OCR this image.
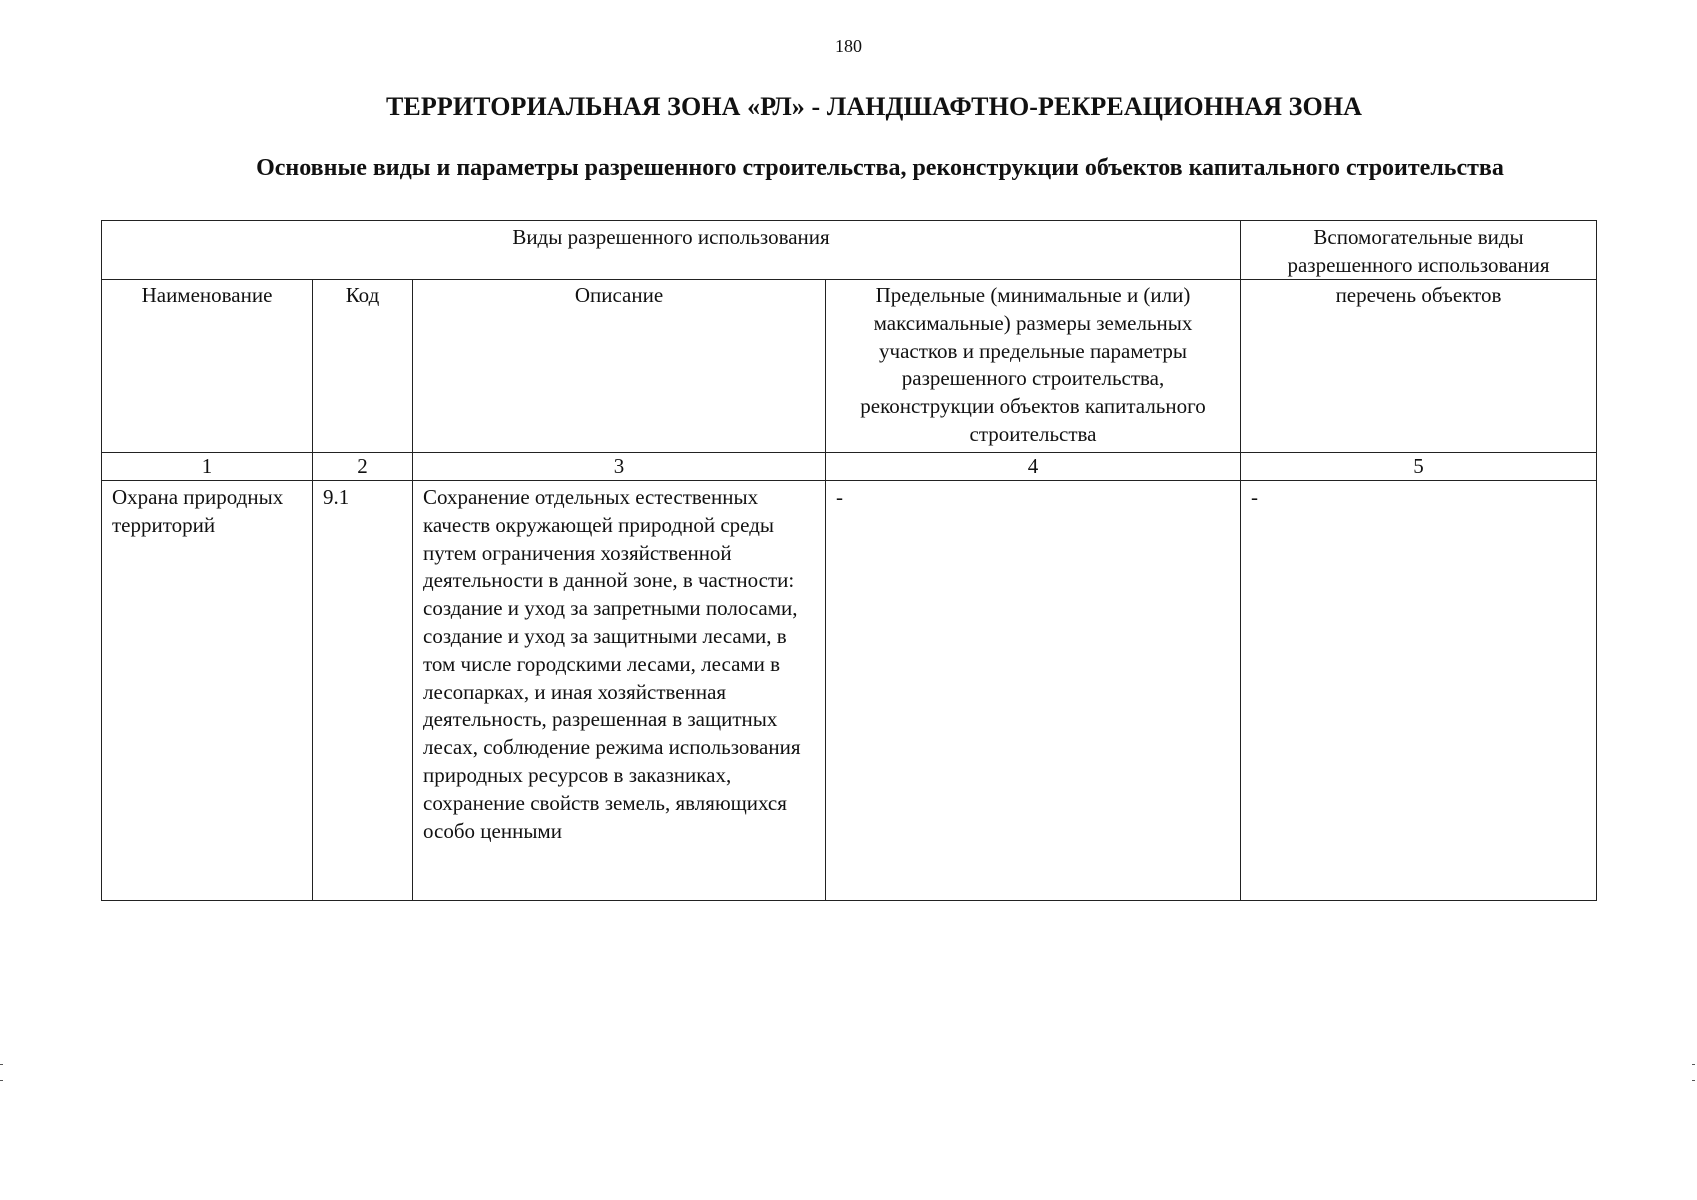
180
ТЕРРИТОРИАЛЬНАЯ ЗОНА «РЛ» - ЛАНДШАФТНО-РЕКРЕАЦИОННАЯ ЗОНА
Основные виды и параметры разрешенного строительства, реконструкции объектов капитального строительства
Виды разрешенного использования				Вспомогательные виды разрешенного использования
Наименование	Код	Описание	Предельные (минимальные и (или) максимальные) размеры земельных участков и предельные параметры разрешенного строительства, реконструкции объектов капитального строительства	перечень объектов
1	2	3	4	5
Охрана природных территорий	9.1	Сохранение отдельных естественных качеств окружающей природной среды путем ограничения хозяйственной деятельности в данной зоне, в частности: создание и уход за запретными полосами, создание и уход за защитными лесами, в том числе городскими лесами, лесами в лесопарках, и иная хозяйственная деятельность, разрешенная в защитных лесах, соблюдение режима использования природных ресурсов в заказниках, сохранение свойств земель, являющихся особо ценными	-	-
